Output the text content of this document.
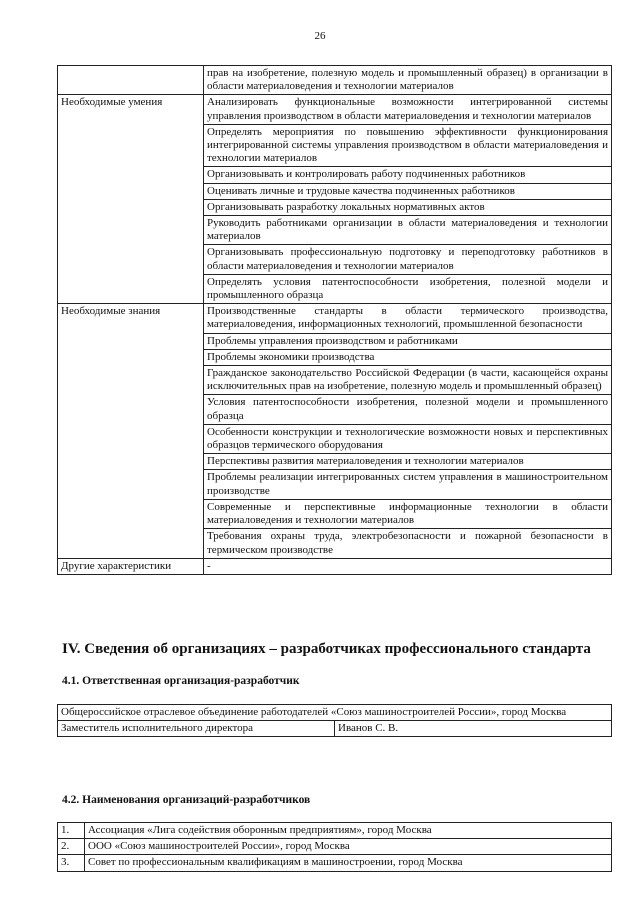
26
	прав на изобретение, полезную модель и промышленный образец) в организации в области материаловедения и технологии материалов
Необходимые умения	Анализировать функциональные возможности интегрированной системы управления производством в области материаловедения и технологии материалов
	Определять мероприятия по повышению эффективности функционирования интегрированной системы управления производством в области материаловедения и технологии материалов
	Организовывать и контролировать работу подчиненных работников
	Оценивать личные и трудовые качества подчиненных работников
	Организовывать разработку локальных нормативных актов
	Руководить работниками организации в области материаловедения и технологии материалов
	Организовывать профессиональную подготовку и переподготовку работников в области материаловедения и технологии материалов
	Определять условия патентоспособности изобретения, полезной модели и промышленного образца
Необходимые знания	Производственные стандарты в области термического производства, материаловедения, информационных технологий, промышленной безопасности
	Проблемы управления производством и работниками
	Проблемы экономики производства
	Гражданское законодательство Российской Федерации (в части, касающейся охраны исключительных прав на изобретение, полезную модель и промышленный образец)
	Условия патентоспособности изобретения, полезной модели и промышленного образца
	Особенности конструкции и технологические возможности новых и перспективных образцов термического оборудования
	Перспективы развития материаловедения и технологии материалов
	Проблемы реализации интегрированных систем управления в машиностроительном производстве
	Современные и перспективные информационные технологии в области материаловедения и технологии материалов
	Требования охраны труда, электробезопасности и пожарной безопасности в термическом производстве
Другие характеристики	-
IV. Сведения об организациях – разработчиках профессионального стандарта
4.1. Ответственная организация-разработчик
Общероссийское отраслевое объединение работодателей «Союз машиностроителей России», город Москва
Заместитель исполнительного директора	Иванов С. В.
4.2. Наименования организаций-разработчиков
1.	Ассоциация «Лига содействия оборонным предприятиям», город Москва
2.	ООО «Союз машиностроителей России», город Москва
3.	Совет по профессиональным квалификациям в машиностроении, город Москва
